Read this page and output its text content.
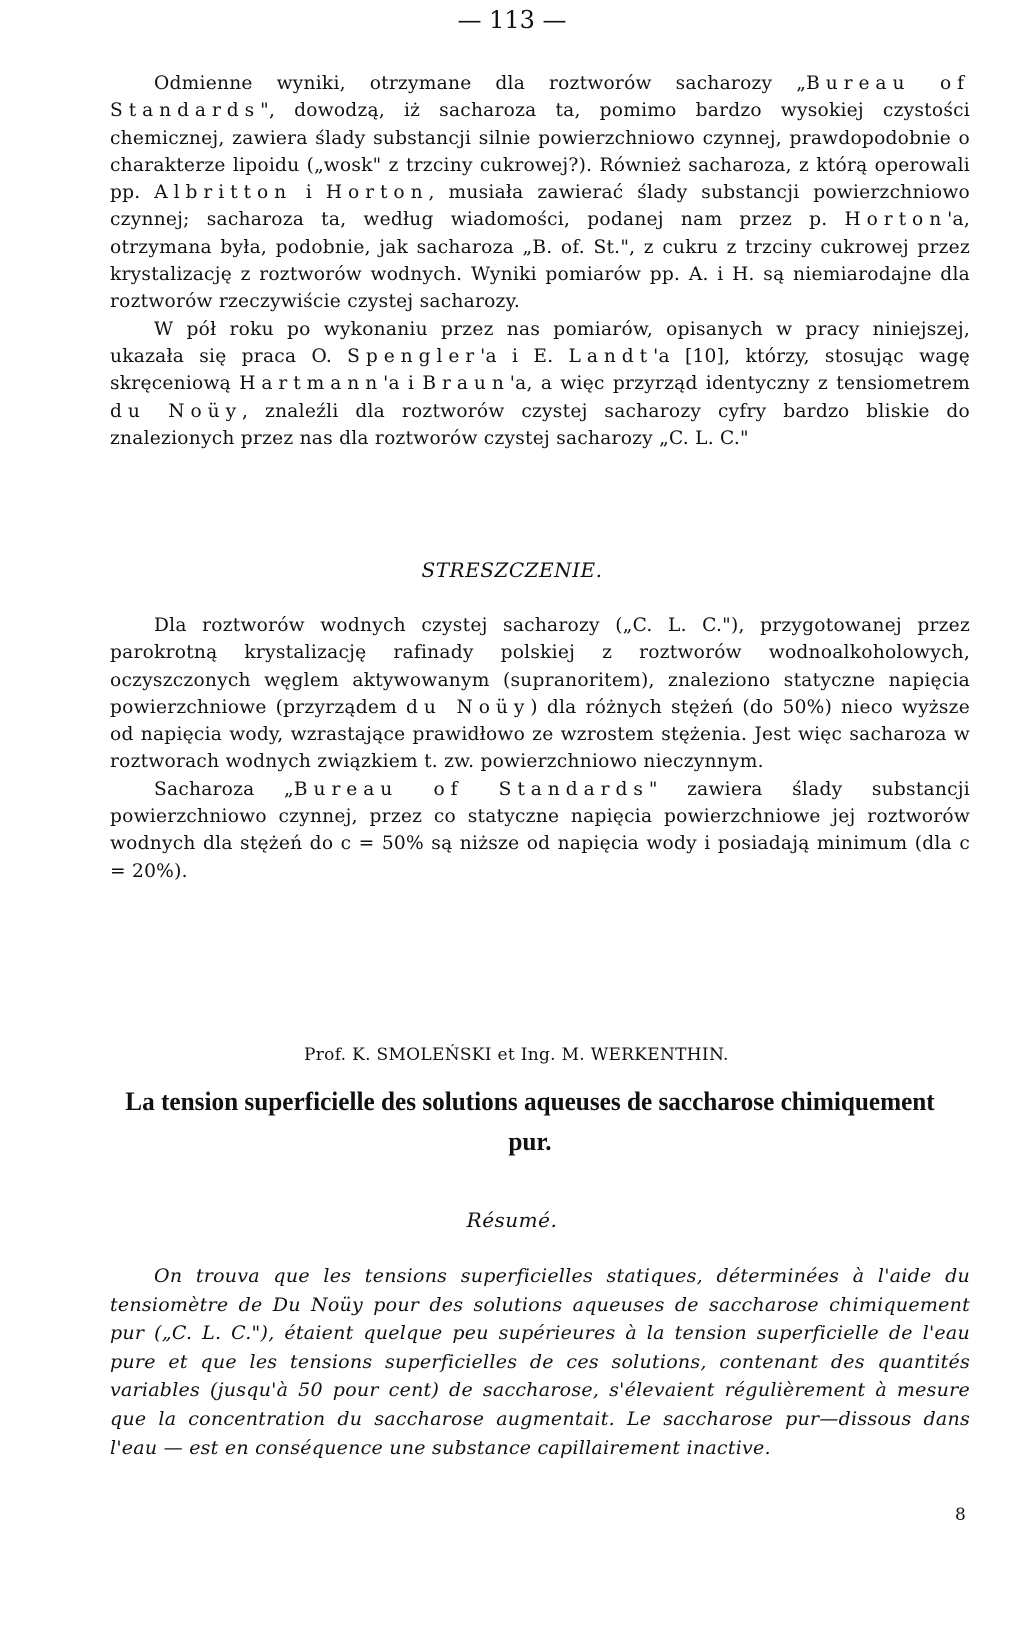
— 113 —

Odmienne wyniki, otrzymane dla roztworów sacharozy „Bureau of Standards", dowodzą, iż sacharoza ta, pomimo bardzo wysokiej czystości chemicznej, zawiera ślady substancji silnie powierzchniowo czynnej, prawdopodobnie o charakterze lipoidu („wosk" z trzciny cukrowej?). Również sacharoza, z którą operowali pp. Albritton i Horton, musiała zawierać ślady substancji powierzchniowo czynnej; sacharoza ta, według wiadomości, podanej nam przez p. Horton'a, otrzymana była, podobnie, jak sacharoza „B. of. St.", z cukru z trzciny cukrowej przez krystalizację z roztworów wodnych. Wyniki pomiarów pp. A. i H. są niemiarodajne dla roztworów rzeczywiście czystej sacharozy.

W pół roku po wykonaniu przez nas pomiarów, opisanych w pracy niniejszej, ukazała się praca O. Spengler'a i E. Landt'a [10], którzy, stosując wagę skręceniową Hartmann'a i Braun'a, a więc przyrząd identyczny z tensiometrem du Noüy, znaleźli dla roztworów czystej sacharozy cyfry bardzo bliskie do znalezionych przez nas dla roztworów czystej sacharozy „C. L. C."

STRESZCZENIE.

Dla roztworów wodnych czystej sacharozy („C. L. C."), przygotowanej przez parokrotną krystalizację rafinady polskiej z roztworów wodnoalkoholowych, oczyszczonych węglem aktywowanym (supranoritem), znaleziono statyczne napięcia powierzchniowe (przyrządem du Noüy) dla różnych stężeń (do 50%) nieco wyższe od napięcia wody, wzrastające prawidłowo ze wzrostem stężenia. Jest więc sacharoza w roztworach wodnych związkiem t. zw. powierzchniowo nieczynnym.

Sacharoza „Bureau of Standards" zawiera ślady substancji powierzchniowo czynnej, przez co statyczne napięcia powierzchniowe jej roztworów wodnych dla stężeń do c = 50% są niższe od napięcia wody i posiadają minimum (dla c = 20%).

Prof. K. SMOLEŃSKI et Ing. M. WERKENTHIN.
La tension superficielle des solutions aqueuses de saccharose chimiquement pur.
Résumé.

On trouva que les tensions superficielles statiques, déterminées à l'aide du tensiomètre de Du Noüy pour des solutions aqueuses de saccharose chimiquement pur („C. L. C."), étaient quelque peu supérieures à la tension superficielle de l'eau pure et que les tensions superficielles de ces solutions, contenant des quantités variables (jusqu'à 50 pour cent) de saccharose, s'élevaient régulièrement à mesure que la concentration du saccharose augmentait. Le saccharose pur—dissous dans l'eau — est en conséquence une substance capillairement inactive.

8
